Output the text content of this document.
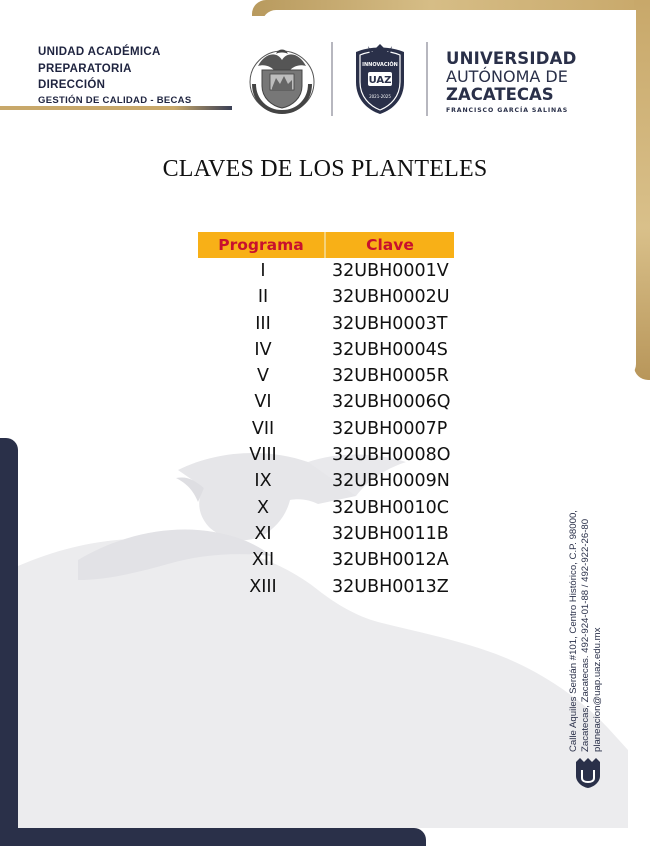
UNIDAD ACADÉMICA
PREPARATORIA
DIRECCIÓN
GESTIÓN DE CALIDAD - BECAS
INNOVACIÓN
UAZ
2021-2025
UNIVERSIDAD
AUTÓNOMA DE
ZACATECAS
FRANCISCO GARCÍA SALINAS
CLAVES DE LOS PLANTELES
Programa	Clave
I	32UBH0001V
II	32UBH0002U
III	32UBH0003T
IV	32UBH0004S
V	32UBH0005R
VI	32UBH0006Q
VII	32UBH0007P
VIII	32UBH0008O
IX	32UBH0009N
X	32UBH0010C
XI	32UBH0011B
XII	32UBH0012A
XIII	32UBH0013Z	Calle Aquiles Serdán #101, Centro Histórico, C.P. 98000, Zacatecas, Zacatecas. 492-924-01-88 / 492-922-26-80 planeacion@uap.uaz.edu.mx
